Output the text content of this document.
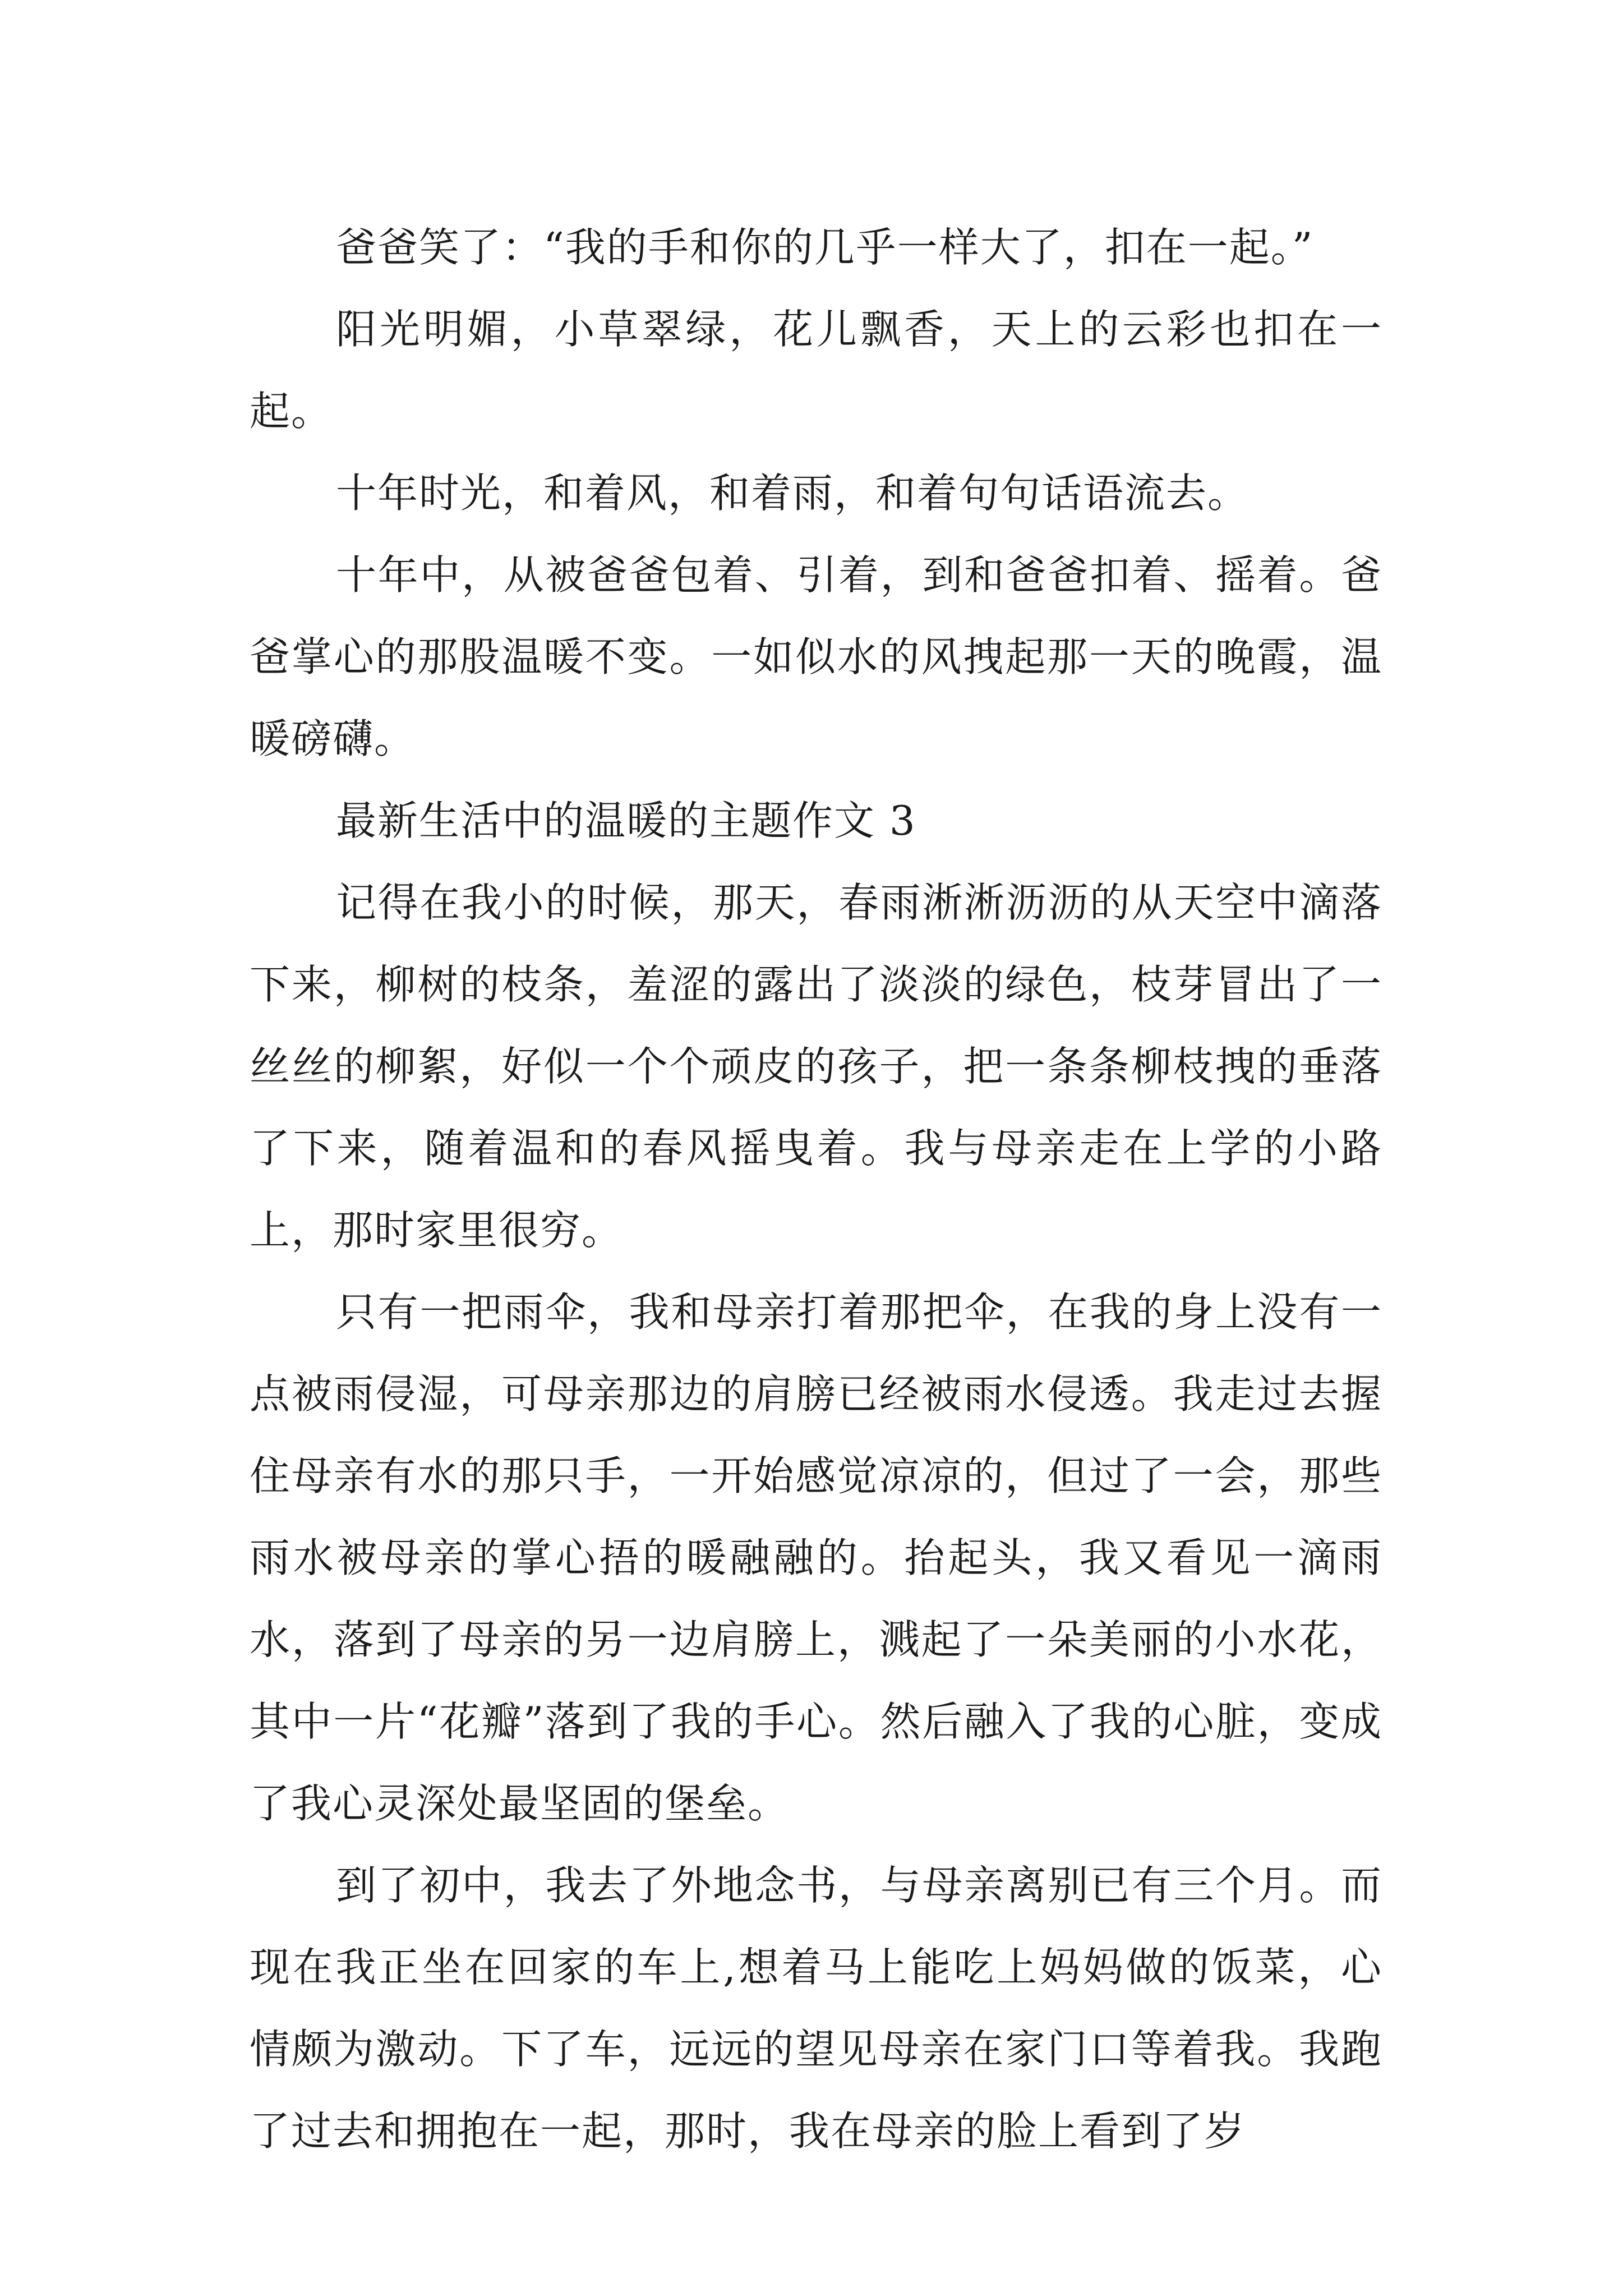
爸爸笑了：“我的手和你的几乎一样大了，扣在一起。”

阳光明媚，小草翠绿，花儿飘香，天上的云彩也扣在一起。

十年时光，和着风，和着雨，和着句句话语流去。

十年中，从被爸爸包着、引着，到和爸爸扣着、摇着。爸爸掌心的那股温暖不变。一如似水的风拽起那一天的晚霞，温暖磅礴。

最新生活中的温暖的主题作文 3

记得在我小的时候，那天，春雨淅淅沥沥的从天空中滴落下来，柳树的枝条，羞涩的露出了淡淡的绿色，枝芽冒出了一丝丝的柳絮，好似一个个顽皮的孩子，把一条条柳枝拽的垂落了下来，随着温和的春风摇曳着。我与母亲走在上学的小路上，那时家里很穷。

只有一把雨伞，我和母亲打着那把伞，在我的身上没有一点被雨侵湿，可母亲那边的肩膀已经被雨水侵透。我走过去握住母亲有水的那只手，一开始感觉凉凉的，但过了一会，那些雨水被母亲的掌心捂的暖融融的。抬起头，我又看见一滴雨水，落到了母亲的另一边肩膀上，溅起了一朵美丽的小水花，其中一片“花瓣”落到了我的手心。然后融入了我的心脏，变成了我心灵深处最坚固的堡垒。

到了初中，我去了外地念书，与母亲离别已有三个月。而现在我正坐在回家的车上,想着马上能吃上妈妈做的饭菜，心情颇为激动。下了车，远远的望见母亲在家门口等着我。我跑了过去和拥抱在一起，那时，我在母亲的脸上看到了岁
